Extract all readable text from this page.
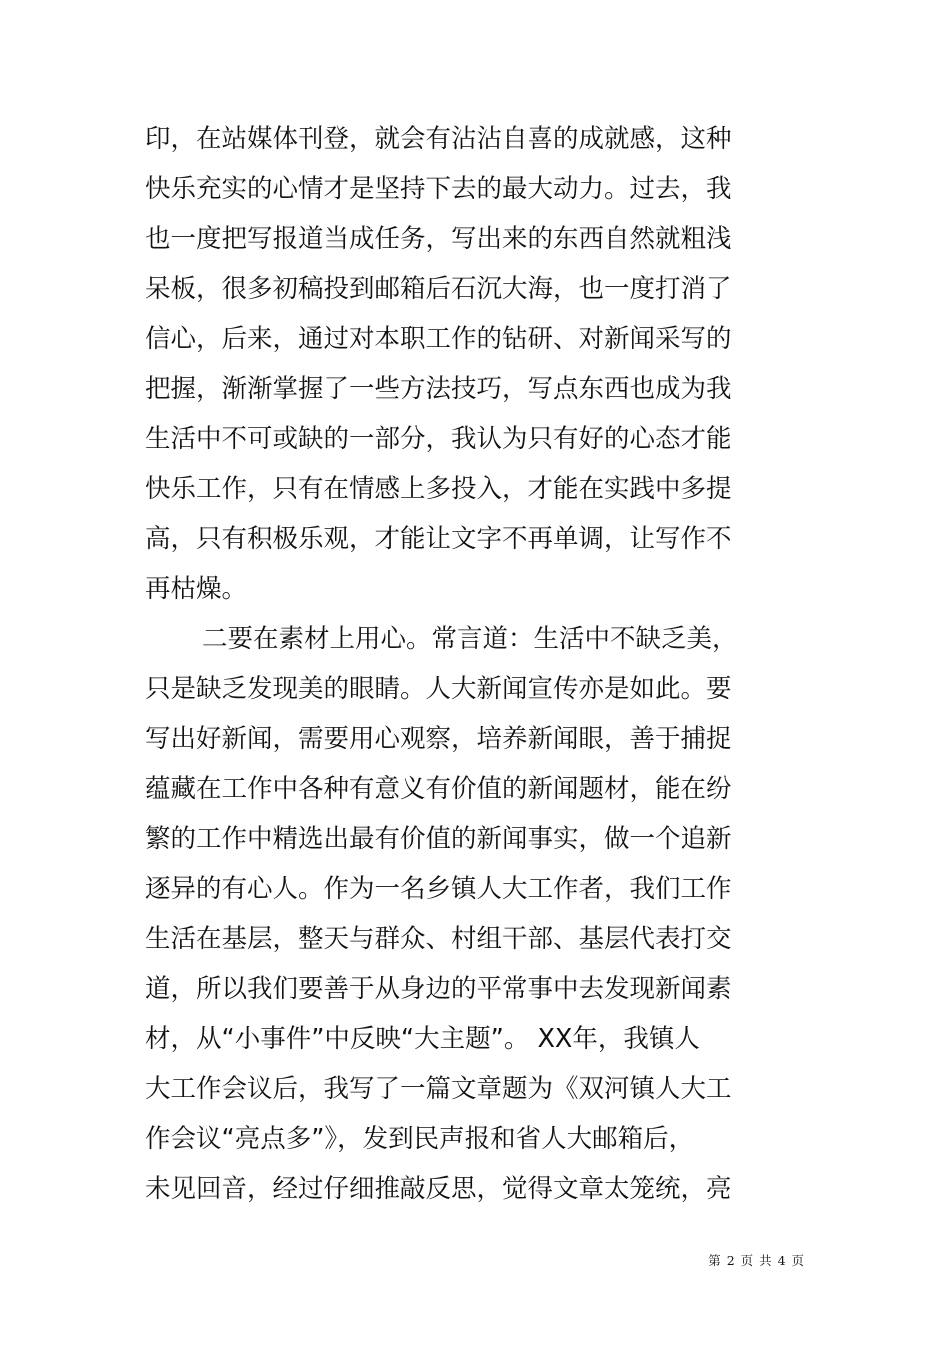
印，在站媒体刊登，就会有沾沾自喜的成就感，这种
快乐充实的心情才是坚持下去的最大动力。过去，我
也一度把写报道当成任务，写出来的东西自然就粗浅
呆板，很多初稿投到邮箱后石沉大海，也一度打消了
信心，后来，通过对本职工作的钻研、对新闻采写的
把握，渐渐掌握了一些方法技巧，写点东西也成为我
生活中不可或缺的一部分，我认为只有好的心态才能
快乐工作，只有在情感上多投入，才能在实践中多提
高，只有积极乐观，才能让文字不再单调，让写作不
再枯燥。
二要在素材上用心。常言道：生活中不缺乏美，
只是缺乏发现美的眼睛。人大新闻宣传亦是如此。要
写出好新闻，需要用心观察，培养新闻眼，善于捕捉
蕴藏在工作中各种有意义有价值的新闻题材，能在纷
繁的工作中精选出最有价值的新闻事实，做一个追新
逐异的有心人。作为一名乡镇人大工作者，我们工作
生活在基层，整天与群众、村组干部、基层代表打交
道，所以我们要善于从身边的平常事中去发现新闻素
材，从“小事件”中反映“大主题”。 XX年，我镇人
大工作会议后，我写了一篇文章题为《双河镇人大工
作会议“亮点多”》，发到民声报和省人大邮箱后，
未见回音，经过仔细推敲反思，觉得文章太笼统，亮
第 2 页 共 4 页
